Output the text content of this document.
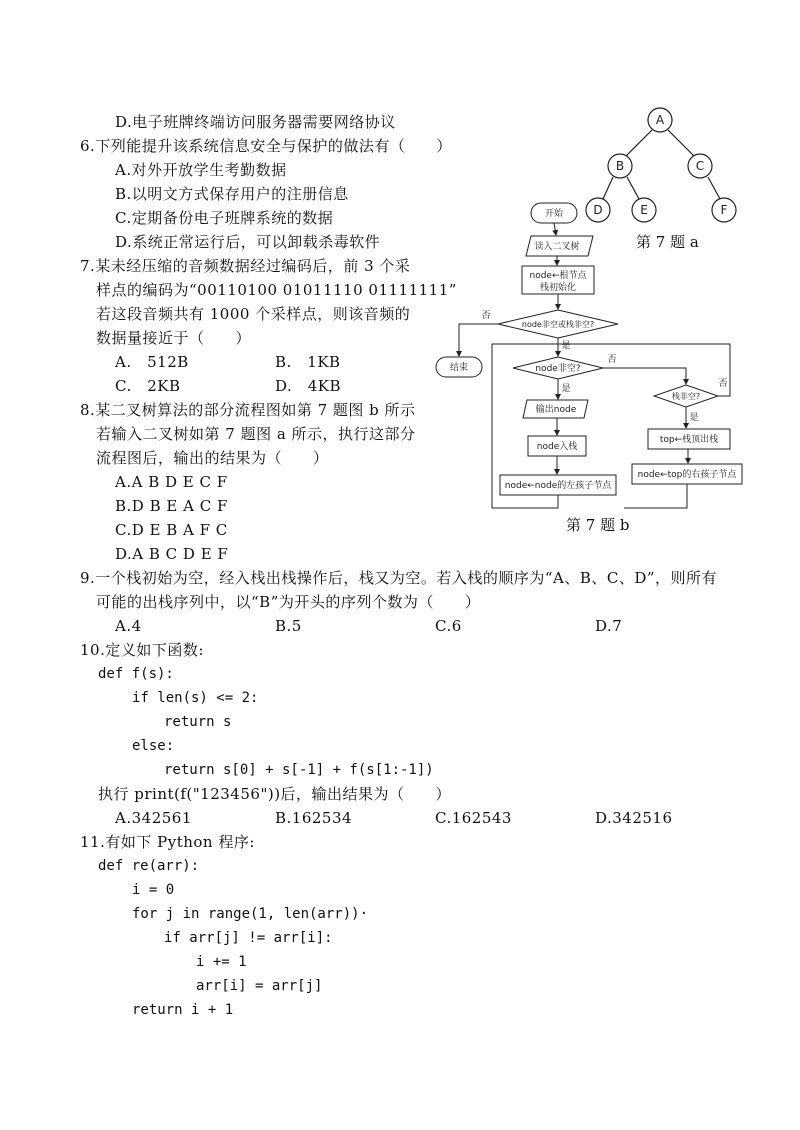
D.电子班牌终端访问服务器需要网络协议
6.下列能提升该系统信息安全与保护的做法有（　　）
A.对外开放学生考勤数据
B.以明文方式保存用户的注册信息
C.定期备份电子班牌系统的数据
D.系统正常运行后，可以卸载杀毒软件
7.某未经压缩的音频数据经过编码后，前 3 个采
样点的编码为“00110100 01011110 01111111”
若这段音频共有 1000 个采样点，则该音频的
数据量接近于（　　）
A.　512B	B.　1KB
C.　2KB	D.　4KB
8.某二叉树算法的部分流程图如第 7 题图 b 所示
若输入二叉树如第 7 题图 a 所示，执行这部分
流程图后，输出的结果为（　　）
A.A B D E C F
B.D B E A C F
C.D E B A F C
D.A B C D E F
9.一个栈初始为空，经入栈出栈操作后，栈又为空。若入栈的顺序为“A、B、C、D”，则所有
可能的出栈序列中，以“B”为开头的序列个数为（　　）
A.4	B.5	C.6	D.7
10.定义如下函数:
def f(s):
if len(s) <= 2:
return s
else:
return s[0] + s[-1] + f(s[1:-1])
执行 print(f("123456"))后，输出结果为（　　）
A.342561	B.162534	C.162543	D.342516
11.有如下 Python 程序:
def re(arr):
i = 0
for j in range(1, len(arr))·
if arr[j] != arr[i]:
i += 1
arr[i] = arr[j]
return i + 1
A
B	C
D	E	F
第 7 题 a
开始
读入二叉树
node←根节点
栈初始化
node非空或栈非空?
否
是
结束	node非空?
否
是
输出node
node入栈
node←node的左孩子节点
栈非空?
否
是
top←栈顶出栈
node←top的右孩子节点
第 7 题 b
